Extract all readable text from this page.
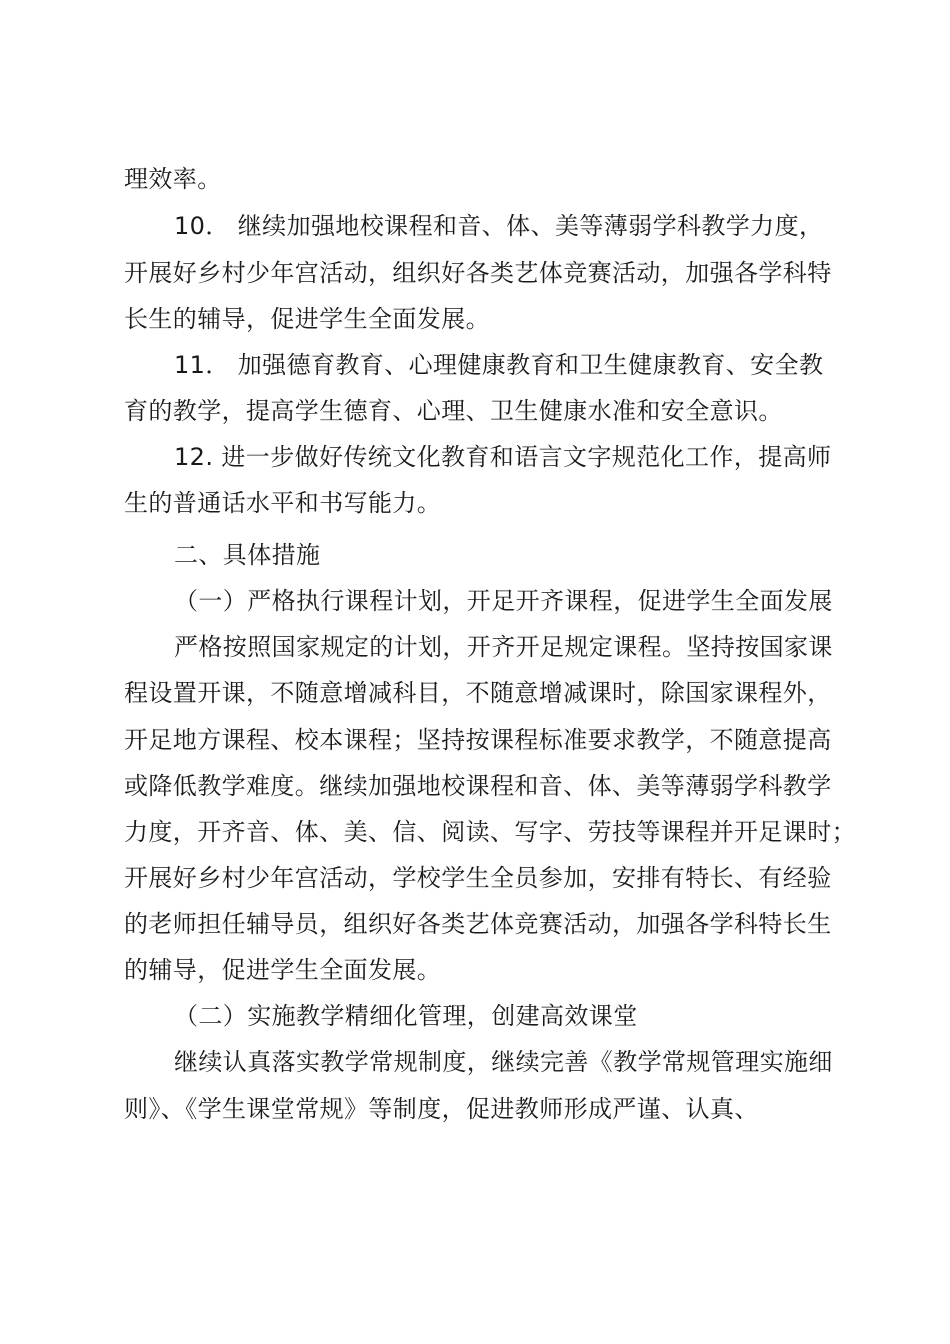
理效率。
10． 继续加强地校课程和音、体、美等薄弱学科教学力度，
开展好乡村少年宫活动，组织好各类艺体竞赛活动，加强各学科特
长生的辅导，促进学生全面发展。
11． 加强德育教育、心理健康教育和卫生健康教育、安全教
育的教学，提高学生德育、心理、卫生健康水准和安全意识。
12. 进一步做好传统文化教育和语言文字规范化工作，提高师
生的普通话水平和书写能力。
二、具体措施
（一）严格执行课程计划，开足开齐课程，促进学生全面发展
严格按照国家规定的计划，开齐开足规定课程。坚持按国家课
程设置开课，不随意增减科目，不随意增减课时，除国家课程外，
开足地方课程、校本课程；坚持按课程标准要求教学，不随意提高
或降低教学难度。继续加强地校课程和音、体、美等薄弱学科教学
力度，开齐音、体、美、信、阅读、写字、劳技等课程并开足课时；
开展好乡村少年宫活动，学校学生全员参加，安排有特长、有经验
的老师担任辅导员，组织好各类艺体竞赛活动，加强各学科特长生
的辅导，促进学生全面发展。
（二）实施教学精细化管理，创建高效课堂
继续认真落实教学常规制度，继续完善《教学常规管理实施细
则》、《学生课堂常规》等制度，促进教师形成严谨、认真、
